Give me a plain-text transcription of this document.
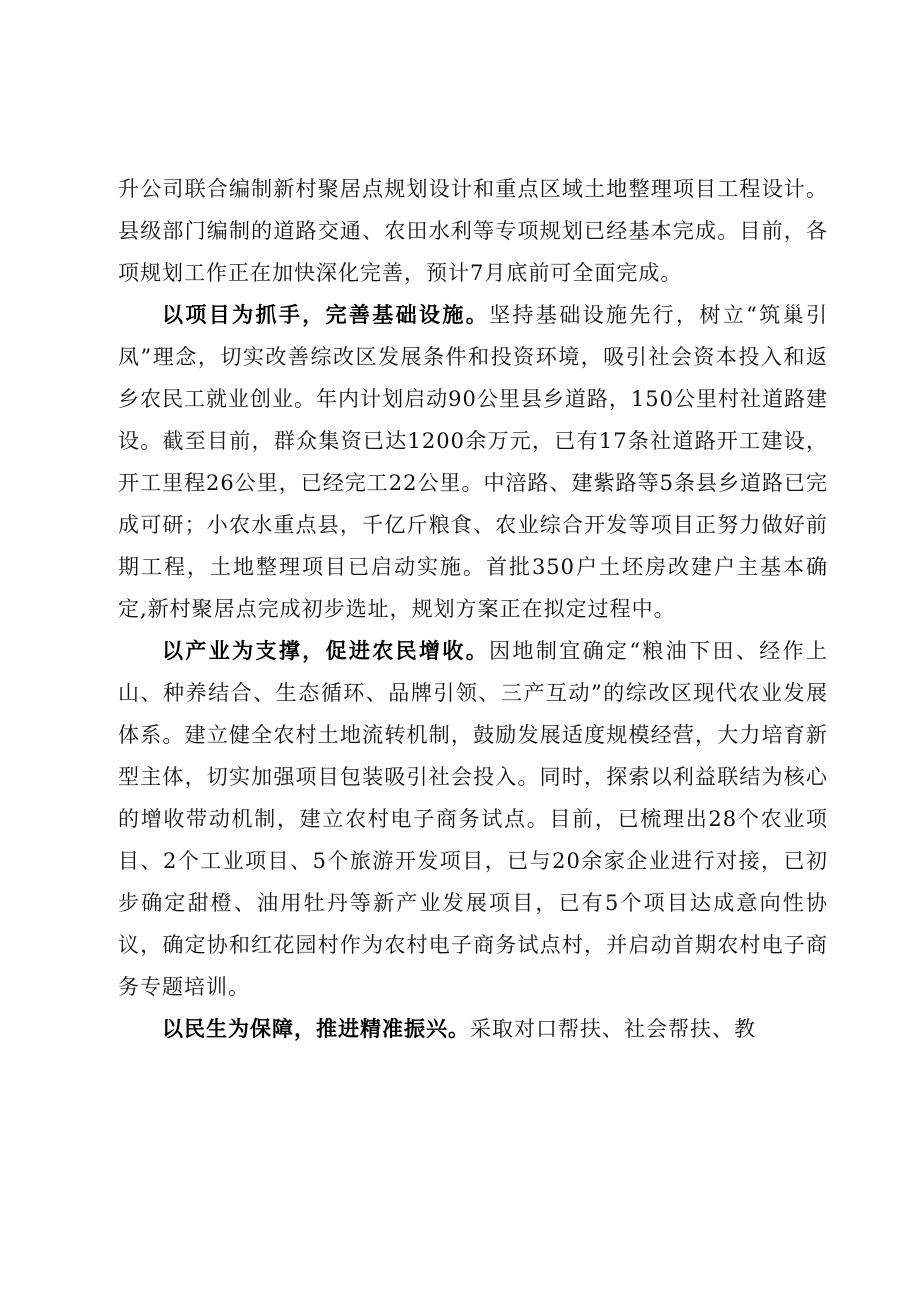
升公司联合编制新村聚居点规划设计和重点区域土地整理项目工程设计。县级部门编制的道路交通、农田水利等专项规划已经基本完成。目前，各项规划工作正在加快深化完善，预计7月底前可全面完成。

以项目为抓手，完善基础设施。坚持基础设施先行，树立“筑巢引凤”理念，切实改善综改区发展条件和投资环境，吸引社会资本投入和返乡农民工就业创业。年内计划启动90公里县乡道路，150公里村社道路建设。截至目前，群众集资已达1200余万元，已有17条社道路开工建设，开工里程26公里，已经完工22公里。中涪路、建紫路等5条县乡道路已完成可研；小农水重点县，千亿斤粮食、农业综合开发等项目正努力做好前期工程，土地整理项目已启动实施。首批350户土坯房改建户主基本确定,新村聚居点完成初步选址，规划方案正在拟定过程中。

以产业为支撑，促进农民增收。因地制宜确定“粮油下田、经作上山、种养结合、生态循环、品牌引领、三产互动”的综改区现代农业发展体系。建立健全农村土地流转机制，鼓励发展适度规模经营，大力培育新型主体，切实加强项目包装吸引社会投入。同时，探索以利益联结为核心的增收带动机制，建立农村电子商务试点。目前，已梳理出28个农业项目、2个工业项目、5个旅游开发项目，已与20余家企业进行对接，已初步确定甜橙、油用牡丹等新产业发展项目，已有5个项目达成意向性协议，确定协和红花园村作为农村电子商务试点村，并启动首期农村电子商务专题培训。

以民生为保障，推进精准振兴。采取对口帮扶、社会帮扶、教
